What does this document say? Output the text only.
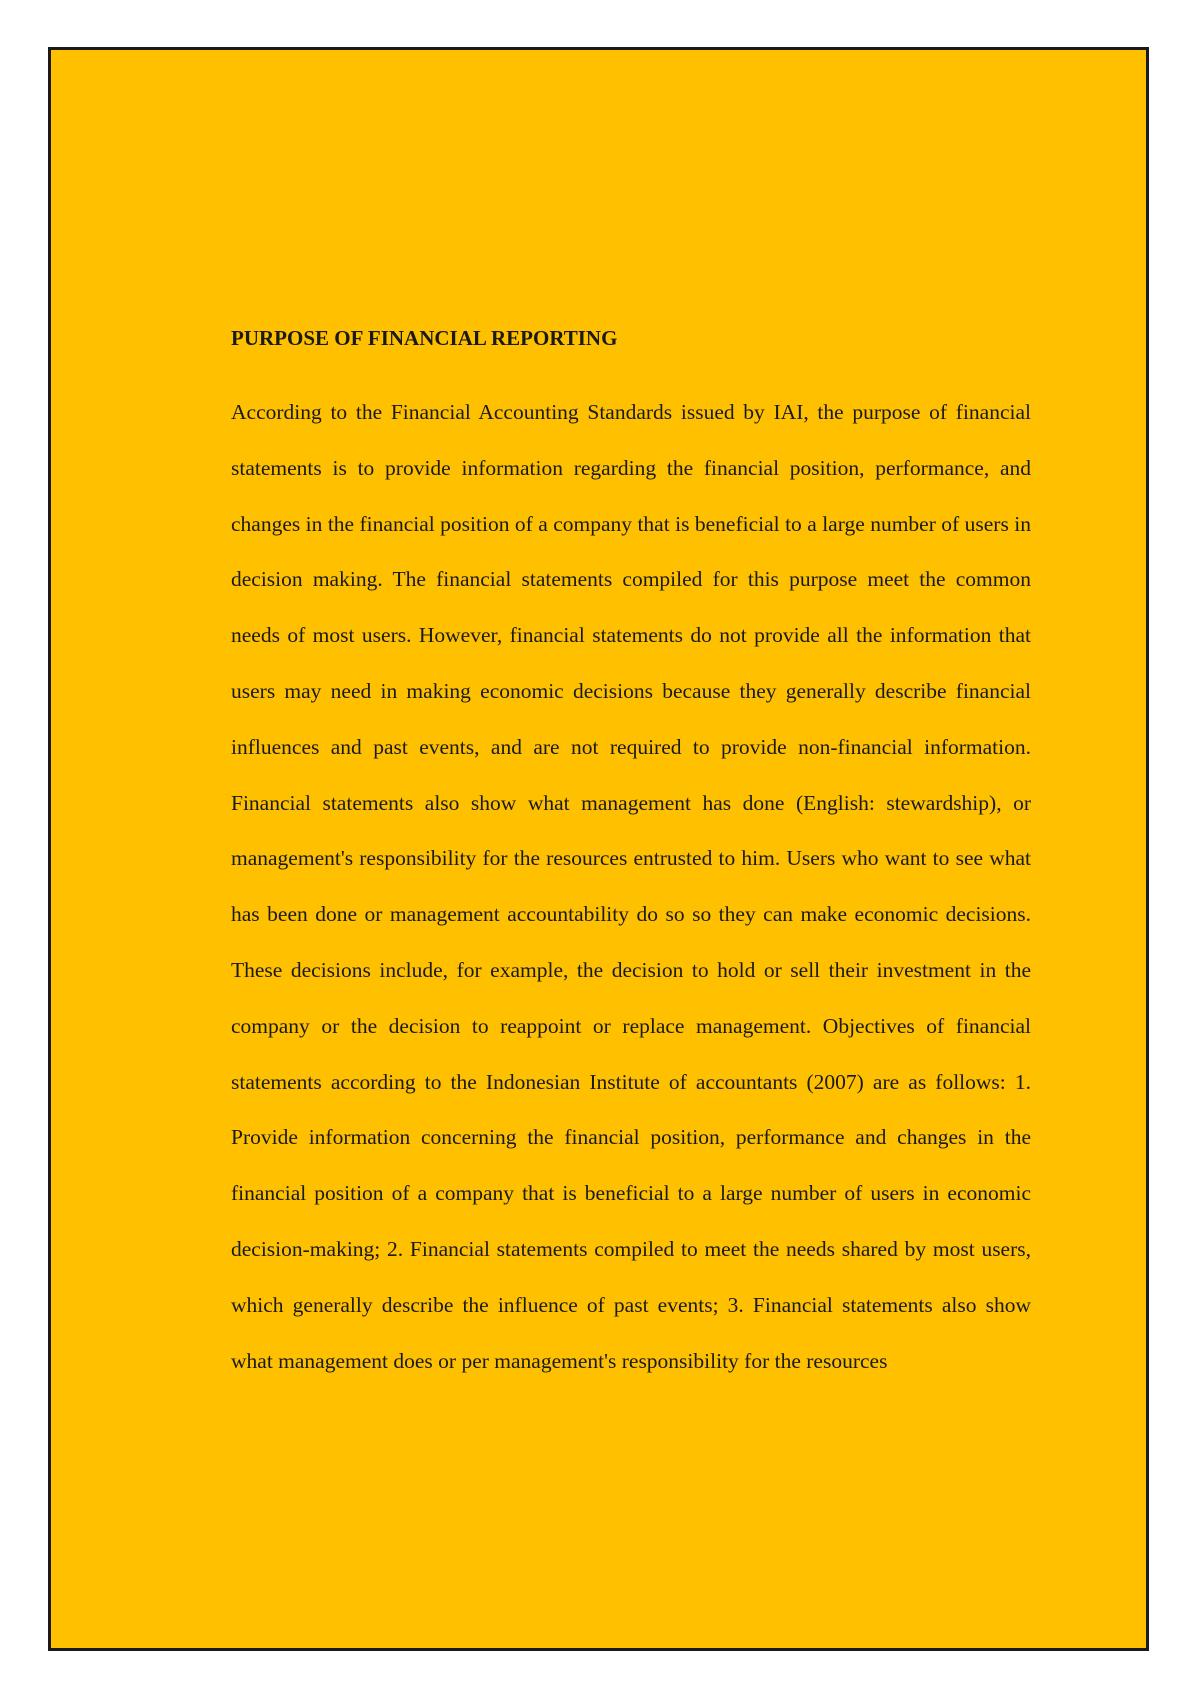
PURPOSE OF FINANCIAL REPORTING

According to the Financial Accounting Standards issued by IAI, the purpose of financial statements is to provide information regarding the financial position, performance, and changes in the financial position of a company that is beneficial to a large number of users in decision making. The financial statements compiled for this purpose meet the common needs of most users. However, financial statements do not provide all the information that users may need in making economic decisions because they generally describe financial influences and past events, and are not required to provide non-financial information. Financial statements also show what management has done (English: stewardship), or management's responsibility for the resources entrusted to him. Users who want to see what has been done or management accountability do so so they can make economic decisions. These decisions include, for example, the decision to hold or sell their investment in the company or the decision to reappoint or replace management. Objectives of financial statements according to the Indonesian Institute of accountants (2007) are as follows: 1. Provide information concerning the financial position, performance and changes in the financial position of a company that is beneficial to a large number of users in economic decision-making; 2. Financial statements compiled to meet the needs shared by most users, which generally describe the influence of past events; 3. Financial statements also show what management does or per management's responsibility for the resources
